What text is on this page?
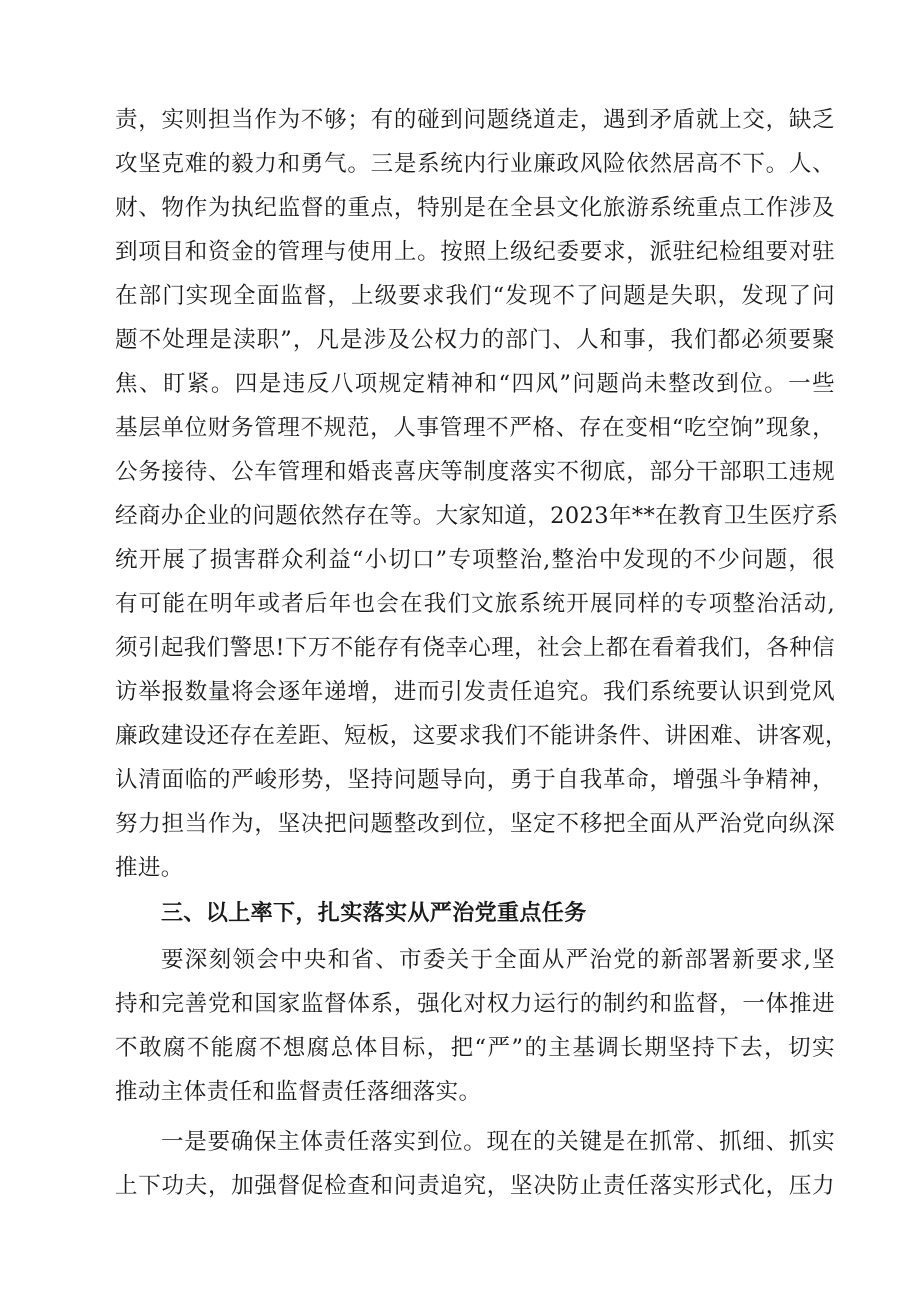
责，实则担当作为不够；有的碰到问题绕道走，遇到矛盾就上交，缺乏
攻坚克难的毅力和勇气。三是系统内行业廉政风险依然居高不下。人、
财、物作为执纪监督的重点，特别是在全县文化旅游系统重点工作涉及
到项目和资金的管理与使用上。按照上级纪委要求，派驻纪检组要对驻
在部门实现全面监督，上级要求我们“发现不了问题是失职，发现了问
题不处理是渎职”，凡是涉及公权力的部门、人和事，我们都必须要聚
焦、盯紧。四是违反八项规定精神和“四风”问题尚未整改到位。一些
基层单位财务管理不规范，人事管理不严格、存在变相“吃空饷”现象，
公务接待、公车管理和婚丧喜庆等制度落实不彻底，部分干部职工违规
经商办企业的问题依然存在等。大家知道，2023年**在教育卫生医疗系
统开展了损害群众利益“小切口”专项整治,整治中发现的不少问题，很
有可能在明年或者后年也会在我们文旅系统开展同样的专项整治活动,
须引起我们警思!下万不能存有侥幸心理，社会上都在看着我们，各种信
访举报数量将会逐年递增，进而引发责任追究。我们系统要认识到党风
廉政建设还存在差距、短板，这要求我们不能讲条件、讲困难、讲客观，
认清面临的严峻形势，坚持问题导向，勇于自我革命，增强斗争精神，
努力担当作为，坚决把问题整改到位，坚定不移把全面从严治党向纵深
推进。
三、以上率下，扎实落实从严治党重点任务
要深刻领会中央和省、市委关于全面从严治党的新部署新要求,坚
持和完善党和国家监督体系，强化对权力运行的制约和监督，一体推进
不敢腐不能腐不想腐总体目标，把“严”的主基调长期坚持下去，切实
推动主体责任和监督责任落细落实。
一是要确保主体责任落实到位。现在的关键是在抓常、抓细、抓实
上下功夫，加强督促检查和问责追究，坚决防止责任落实形式化，压力
